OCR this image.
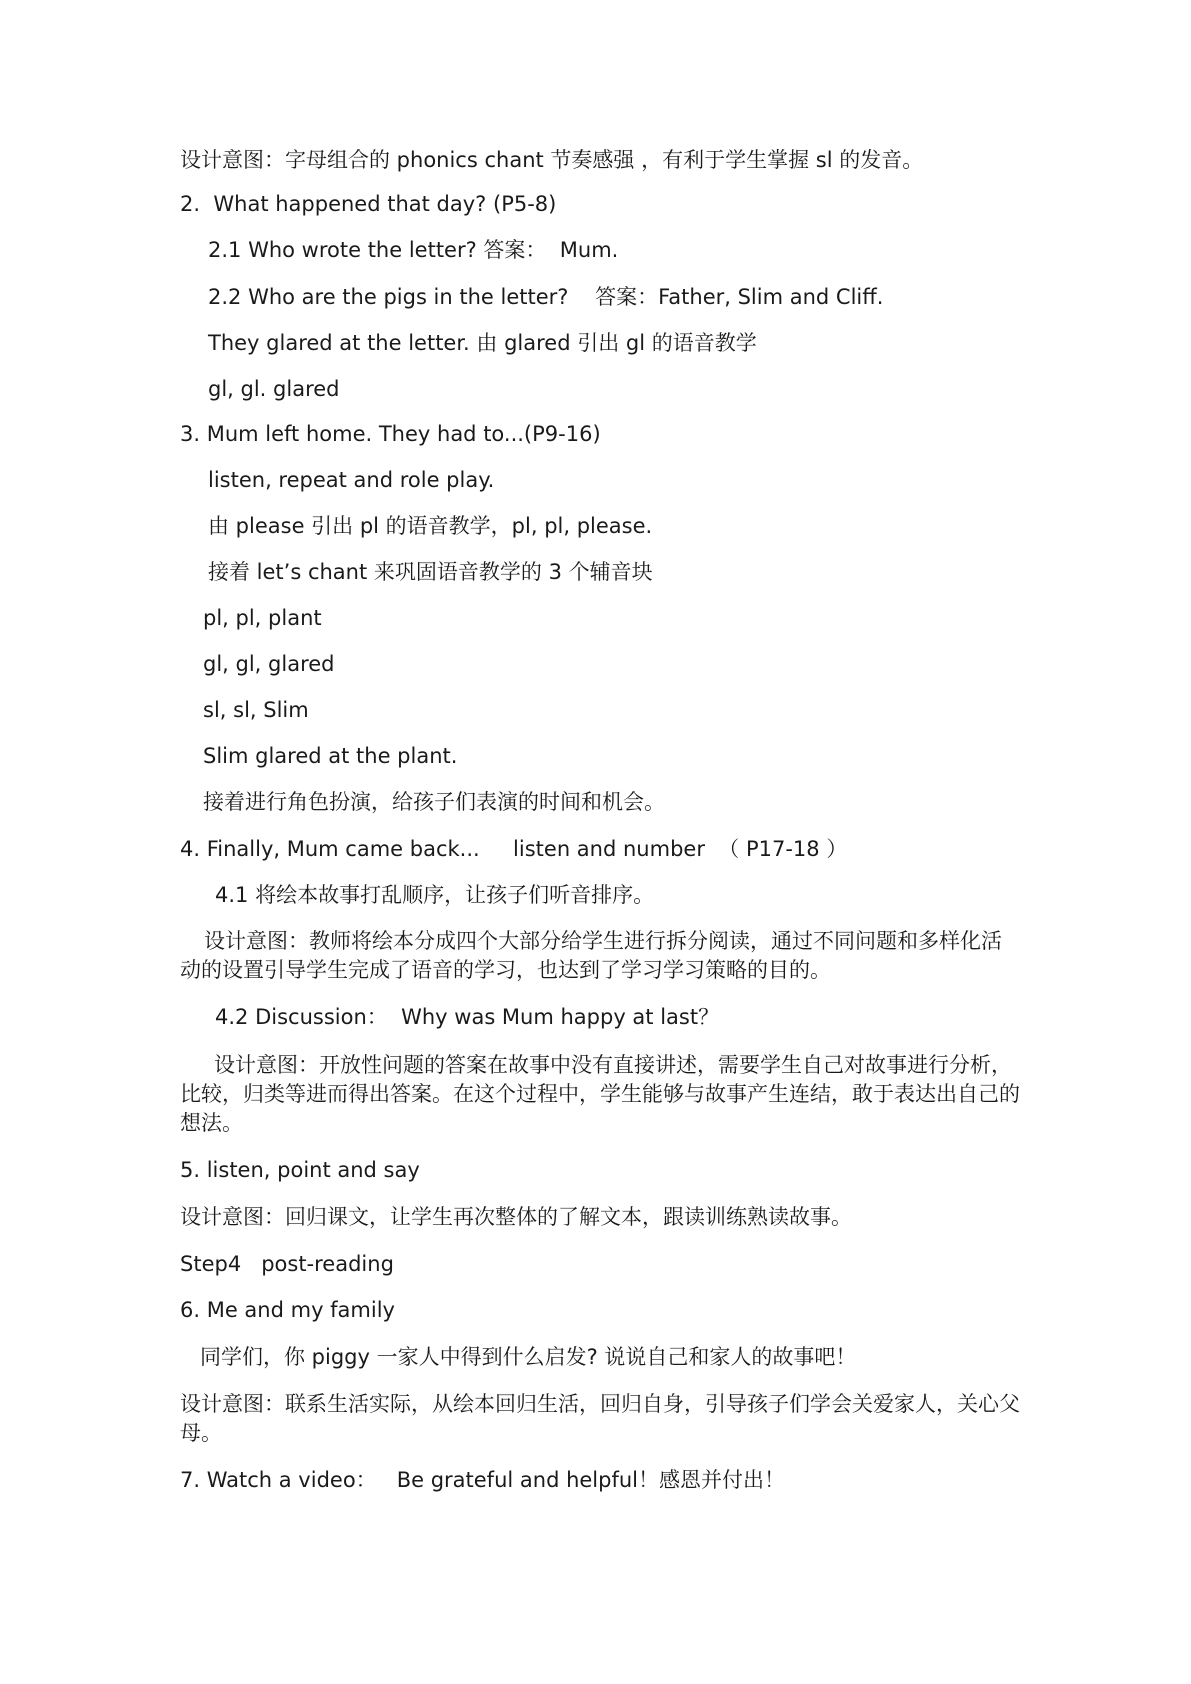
设计意图：字母组合的 phonics chant 节奏感强 ，有利于学生掌握 sl 的发音。
2.  What happened that day? (P5-8)
2.1 Who wrote the letter? 答案：  Mum.
2.2 Who are the pigs in the letter?    答案：Father, Slim and Cliff.
They glared at the letter. 由 glared 引出 gl 的语音教学
gl, gl. glared
3. Mum left home. They had to...(P9-16)
listen, repeat and role play.
由 please 引出 pl 的语音教学，pl, pl, please.
接着 let’s chant 来巩固语音教学的 3 个辅音块
pl, pl, plant
gl, gl, glared
sl, sl, Slim
Slim glared at the plant.
接着进行角色扮演，给孩子们表演的时间和机会。
4. Finally, Mum came back...     listen and number  （ P17-18 ）
4.1 将绘本故事打乱顺序，让孩子们听音排序。
设计意图：教师将绘本分成四个大部分给学生进行拆分阅读，通过不同问题和多样化活动的设置引导学生完成了语音的学习，也达到了学习学习策略的目的。
4.2 Discussion：  Why was Mum happy at last？
设计意图：开放性问题的答案在故事中没有直接讲述，需要学生自己对故事进行分析，比较，归类等进而得出答案。在这个过程中，学生能够与故事产生连结，敢于表达出自己的想法。
5. listen, point and say
设计意图：回归课文，让学生再次整体的了解文本，跟读训练熟读故事。
Step4   post-reading
6. Me and my family
同学们，你 piggy 一家人中得到什么启发? 说说自己和家人的故事吧！
设计意图：联系生活实际，从绘本回归生活，回归自身，引导孩子们学会关爱家人，关心父母。
7. Watch a video：   Be grateful and helpful！感恩并付出！
